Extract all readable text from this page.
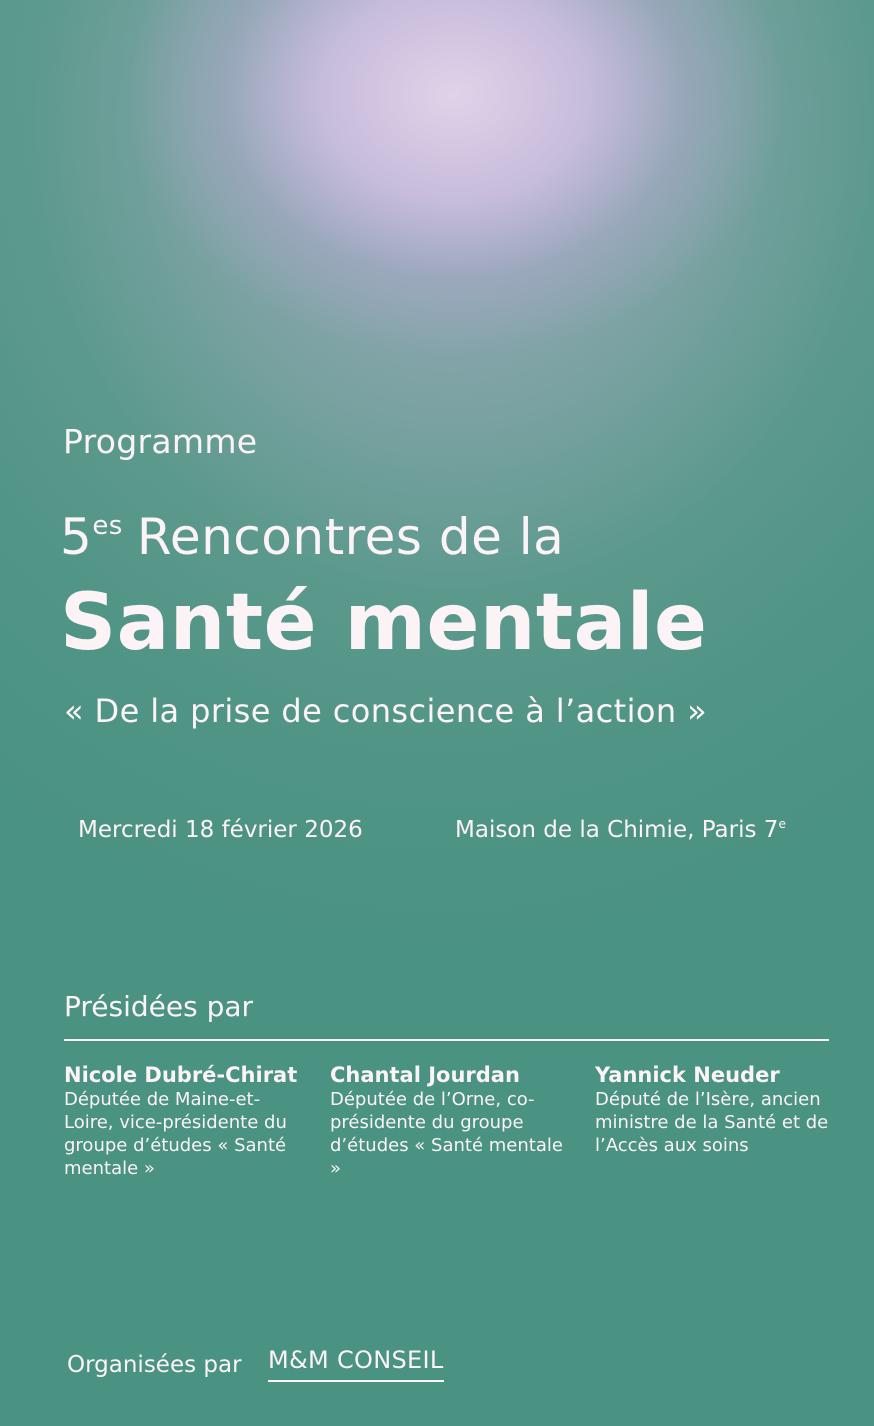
Programme
$5^{es}$ Rencontres de la
Santé mentale
« De la prise de conscience à l’action »
Mercredi 18 février 2026	Maison de la Chimie, Paris 7e
Présidées par
Nicole Dubré-Chirat
Députée de Maine-et-Loire, vice-présidente du groupe d’études « Santé mentale »
Chantal Jourdan
Députée de l’Orne, co-présidente du groupe d’études « Santé mentale »
Yannick Neuder
Député de l’Isère, ancien ministre de la Santé et de l’Accès aux soins
Organisées par M&M CONSEIL
